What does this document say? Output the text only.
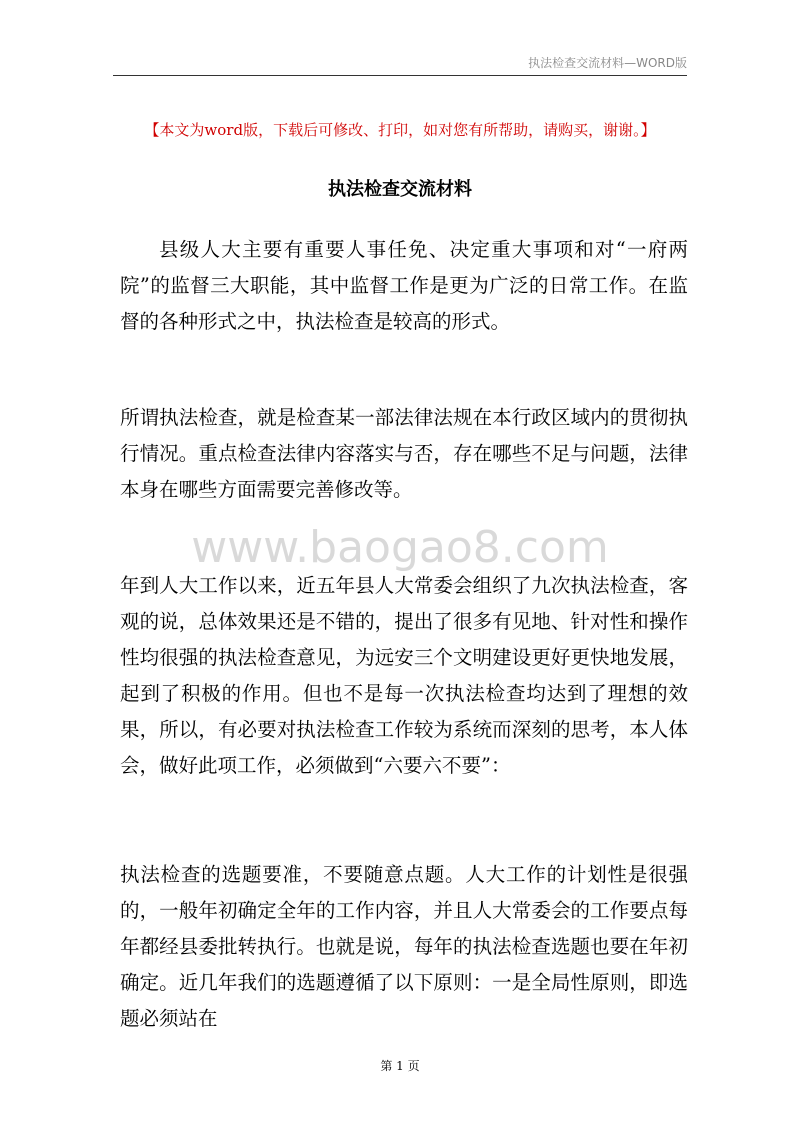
执法检查交流材料—WORD版
【本文为word版，下载后可修改、打印，如对您有所帮助，请购买，谢谢。】
执法检查交流材料

县级人大主要有重要人事任免、决定重大事项和对“一府两院”的监督三大职能，其中监督工作是更为广泛的日常工作。在监督的各种形式之中，执法检查是较高的形式。

所谓执法检查，就是检查某一部法律法规在本行政区域内的贯彻执行情况。重点检查法律内容落实与否，存在哪些不足与问题，法律本身在哪些方面需要完善修改等。

www.baogao8.com

年到人大工作以来，近五年县人大常委会组织了九次执法检查，客观的说，总体效果还是不错的，提出了很多有见地、针对性和操作性均很强的执法检查意见，为远安三个文明建设更好更快地发展，起到了积极的作用。但也不是每一次执法检查均达到了理想的效果，所以，有必要对执法检查工作较为系统而深刻的思考，本人体会，做好此项工作，必须做到“六要六不要”：

执法检查的选题要准，不要随意点题。人大工作的计划性是很强的，一般年初确定全年的工作内容，并且人大常委会的工作要点每年都经县委批转执行。也就是说，每年的执法检查选题也要在年初确定。近几年我们的选题遵循了以下原则：一是全局性原则，即选题必须站在

第 1 页
